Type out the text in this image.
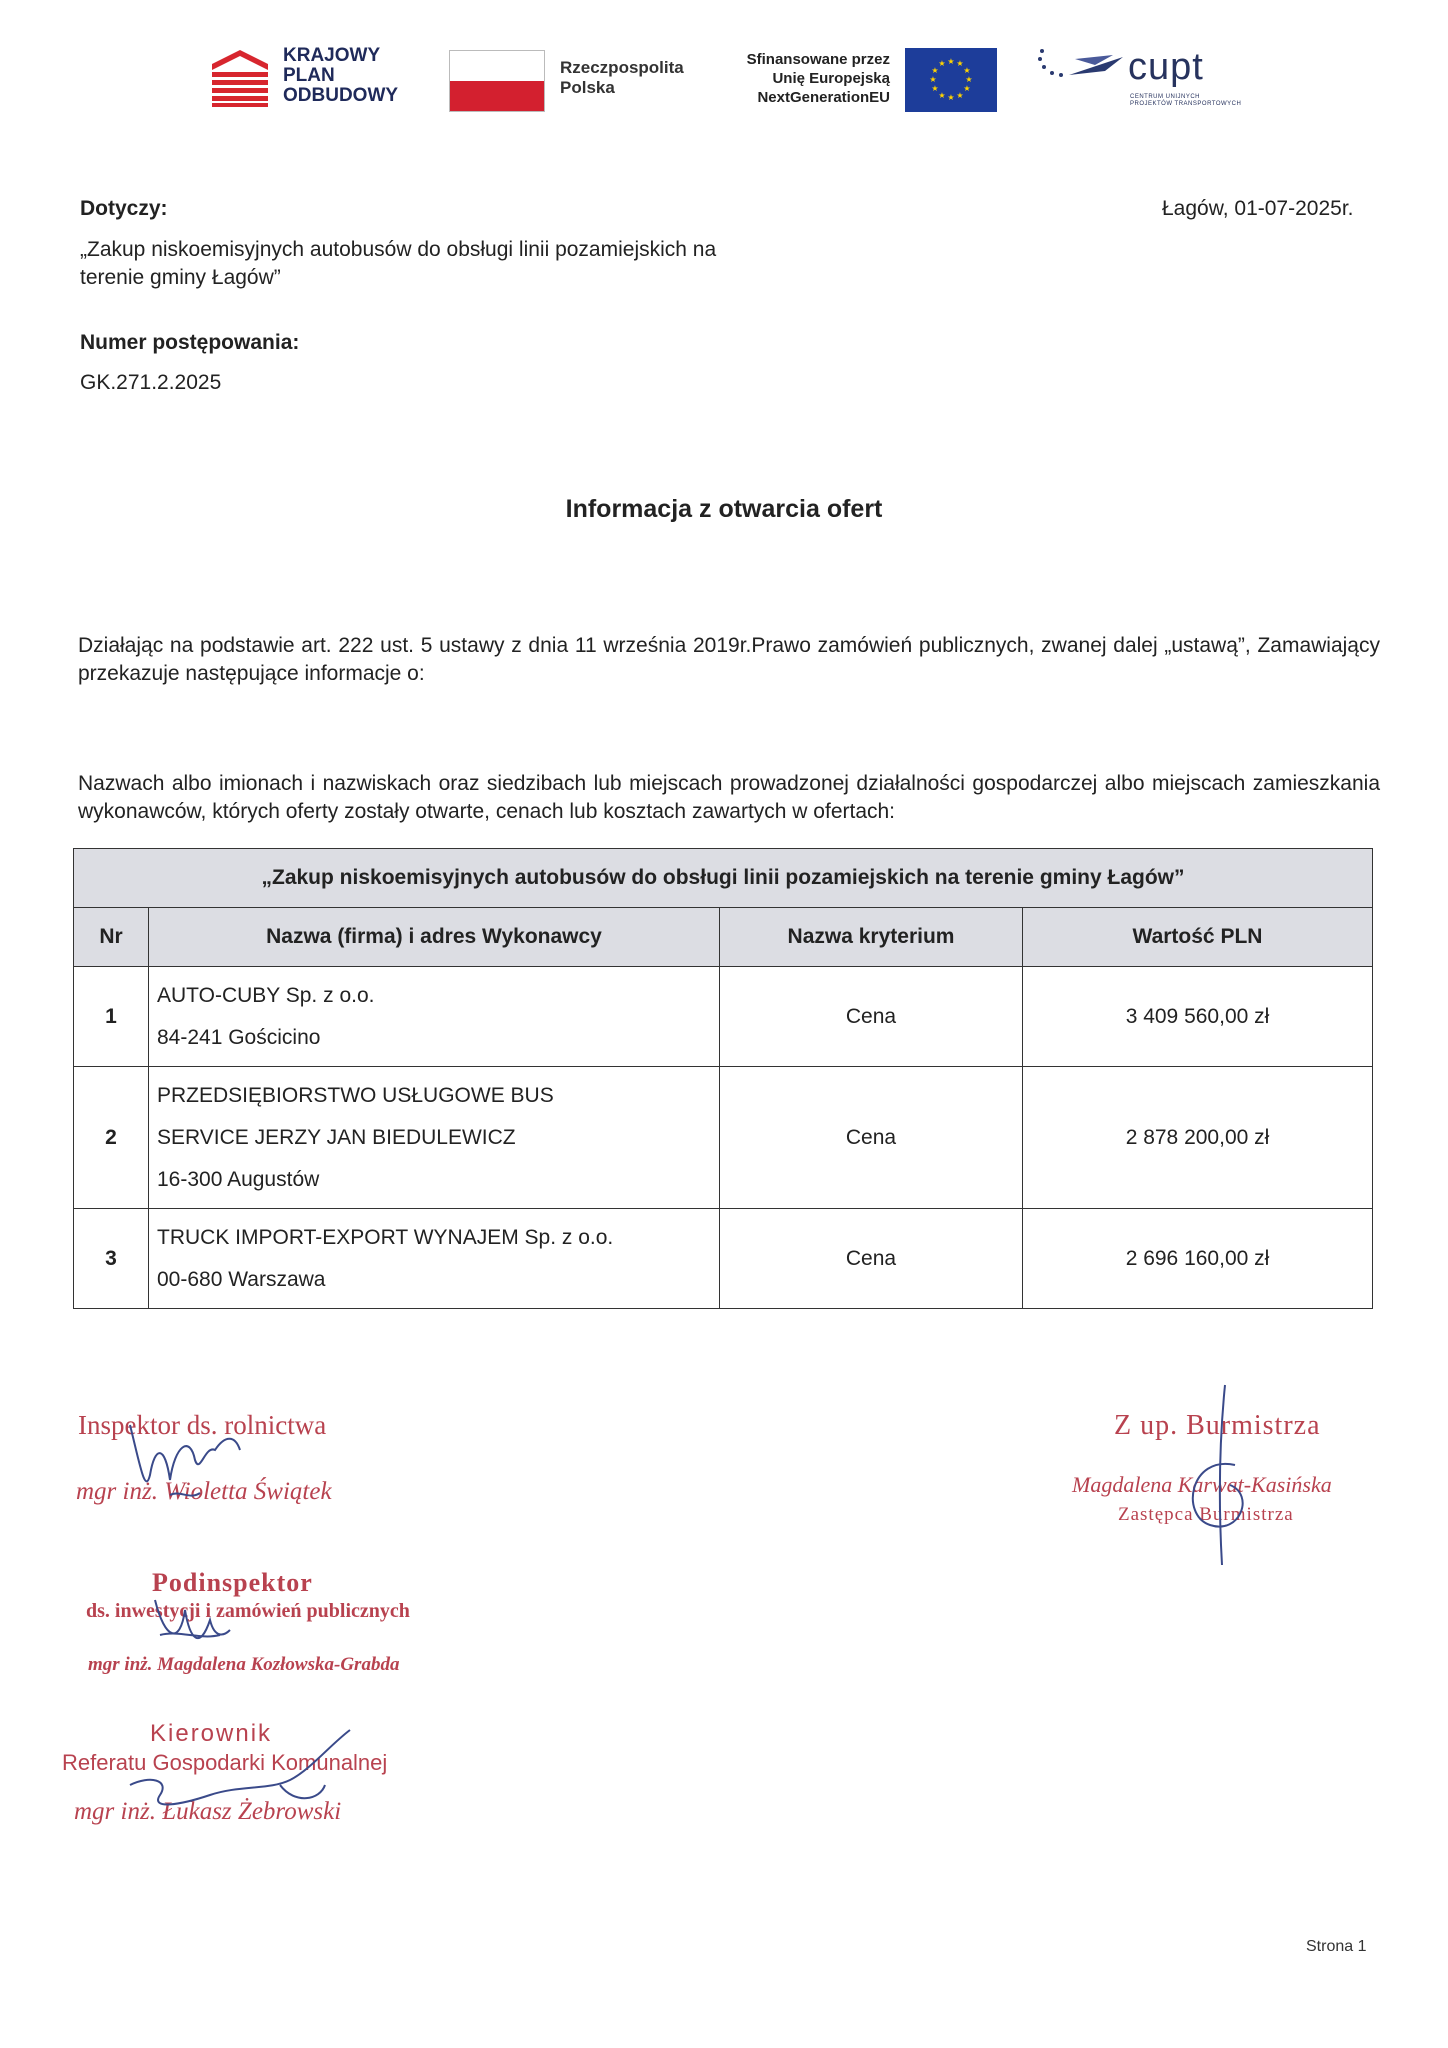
KRAJOWY
PLAN
ODBUDOWY
Rzeczpospolita
Polska
Sfinansowane przez
Unię Europejską
NextGenerationEU
★ ★
★
★
★
★
★
★
★
★
★
★	cupt
CENTRUM UNIJNYCH
PROJEKTÓW TRANSPORTOWYCH
Dotyczy:	Łagów, 01-07-2025r.
„Zakup niskoemisyjnych autobusów do obsługi linii pozamiejskich na
terenie gminy Łagów”
Numer postępowania:
GK.271.2.2025
Informacja z otwarcia ofert
Działając na podstawie art. 222 ust. 5 ustawy z dnia 11 września 2019r.Prawo zamówień publicznych, zwanej dalej „ustawą”, Zamawiający przekazuje następujące informacje o:
Nazwach albo imionach i nazwiskach oraz siedzibach lub miejscach prowadzonej działalności gospodarczej albo miejscach zamieszkania wykonawców, których oferty zostały otwarte, cenach lub kosztach zawartych w ofertach:
„Zakup niskoemisyjnych autobusów do obsługi linii pozamiejskich na terenie gminy Łagów”			
Nr	Nazwa (firma) i adres Wykonawcy	Nazwa kryterium	Wartość PLN
1	AUTO-CUBY Sp. z o.o.
84-241 Gościcino	Cena	3 409 560,00 zł
2	PRZEDSIĘBIORSTWO USŁUGOWE BUS
SERVICE JERZY JAN BIEDULEWICZ
16-300 Augustów	Cena	2 878 200,00 zł
3	TRUCK IMPORT-EXPORT WYNAJEM Sp. z o.o.
00-680 Warszawa	Cena	2 696 160,00 zł
Inspektor ds. rolnictwa
mgr inż. Wioletta Świątek
Z up. Burmistrza
Magdalena Karwat-Kasińska
Zastępca Burmistrza
Podinspektor
ds. inwestycji i zamówień publicznych
mgr inż. Magdalena Kozłowska-Grabda
Kierownik
Referatu Gospodarki Komunalnej
mgr inż. Łukasz Żebrowski
Strona 1
